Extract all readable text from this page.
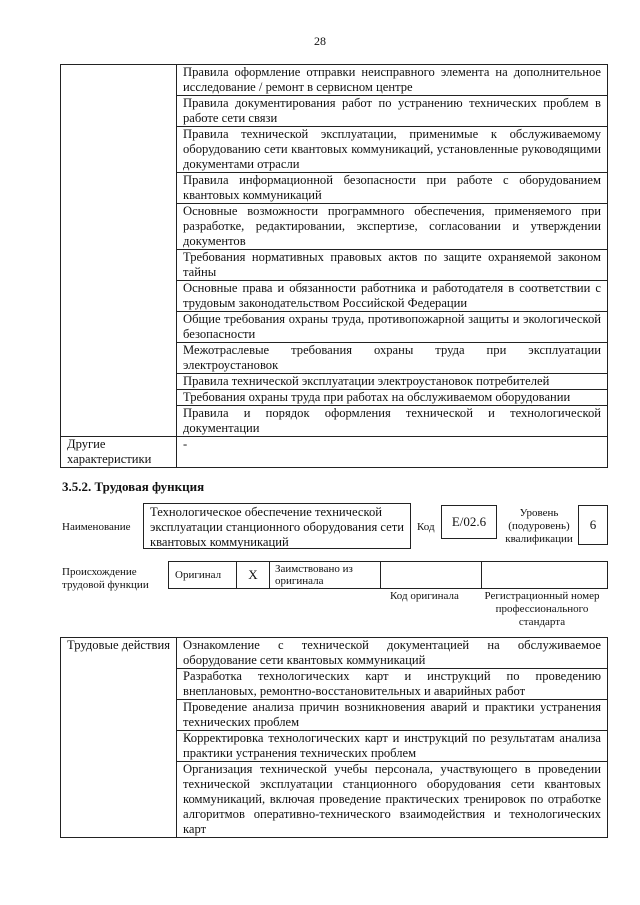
28
	Правила оформление отправки неисправного элемента на дополнительное исследование / ремонт в сервисном центре
	Правила документирования работ по устранению технических проблем в работе сети связи
	Правила технической эксплуатации, применимые к обслуживаемому оборудованию сети квантовых коммуникаций, установленные руководящими документами отрасли
	Правила информационной безопасности при работе с оборудованием квантовых коммуникаций
	Основные возможности программного обеспечения, применяемого при разработке, редактировании, экспертизе, согласовании и утверждении документов
	Требования нормативных правовых актов по защите охраняемой законом тайны
	Основные права и обязанности работника и работодателя в соответствии с трудовым законодательством Российской Федерации
	Общие требования охраны труда, противопожарной защиты и экологической безопасности
	Межотраслевые требования охраны труда при эксплуатации электроустановок
	Правила технической эксплуатации электроустановок потребителей
	Требования охраны труда при работах на обслуживаемом оборудовании
	Правила и порядок оформления технической и технологической документации
Другие характеристики	-
3.5.2. Трудовая функция
Наименование
Технологическое обеспечение технической эксплуатации станционного оборудования сети квантовых коммуникаций
Код	E/02.6
Уровень (подуровень) квалификации
6
Происхождение трудовой функции
Оригинал	X	Заимствовано из оригинала
Код оригинала	Регистрационный номер профессионального стандарта
Трудовые действия	Ознакомление с технической документацией на обслуживаемое оборудование сети квантовых коммуникаций
Разработка технологических карт и инструкций по проведению внеплановых, ремонтно-восстановительных и аварийных работ
Проведение анализа причин возникновения аварий и практики устранения технических проблем
Корректировка технологических карт и инструкций по результатам анализа практики устранения технических проблем
Организация технической учебы персонала, участвующего в проведении технической эксплуатации станционного оборудования сети квантовых коммуникаций, включая проведение практических тренировок по отработке алгоритмов оперативно-технического взаимодействия и технологических карт
